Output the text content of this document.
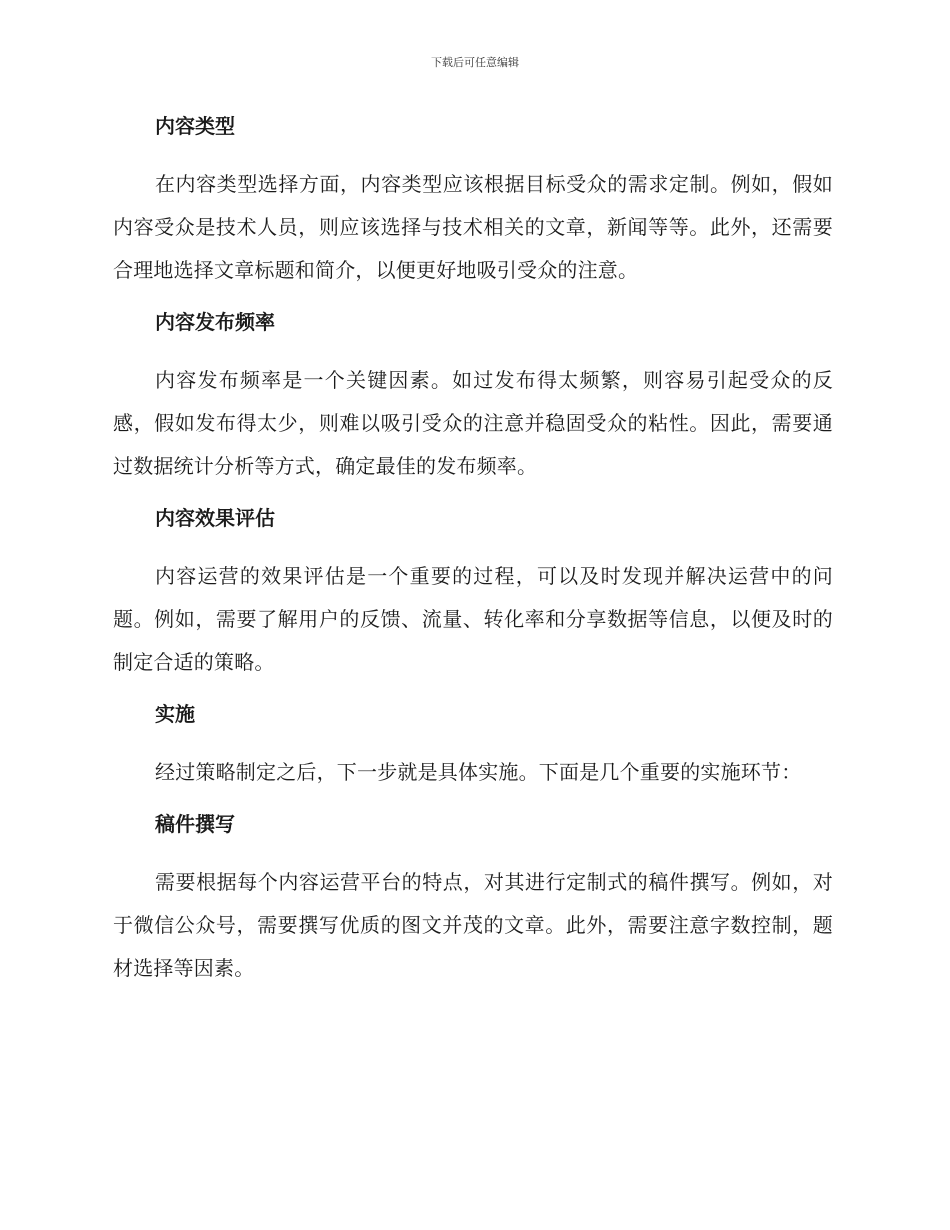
下载后可任意编辑

内容类型

在内容类型选择方面，内容类型应该根据目标受众的需求定制。例如，假如内容受众是技术人员，则应该选择与技术相关的文章，新闻等等。此外，还需要合理地选择文章标题和简介，以便更好地吸引受众的注意。

内容发布频率

内容发布频率是一个关键因素。如过发布得太频繁，则容易引起受众的反感，假如发布得太少，则难以吸引受众的注意并稳固受众的粘性。因此，需要通过数据统计分析等方式，确定最佳的发布频率。

内容效果评估

内容运营的效果评估是一个重要的过程，可以及时发现并解决运营中的问题。例如，需要了解用户的反馈、流量、转化率和分享数据等信息，以便及时的制定合适的策略。

实施

经过策略制定之后，下一步就是具体实施。下面是几个重要的实施环节：

稿件撰写

需要根据每个内容运营平台的特点，对其进行定制式的稿件撰写。例如，对于微信公众号，需要撰写优质的图文并茂的文章。此外，需要注意字数控制，题材选择等因素。
